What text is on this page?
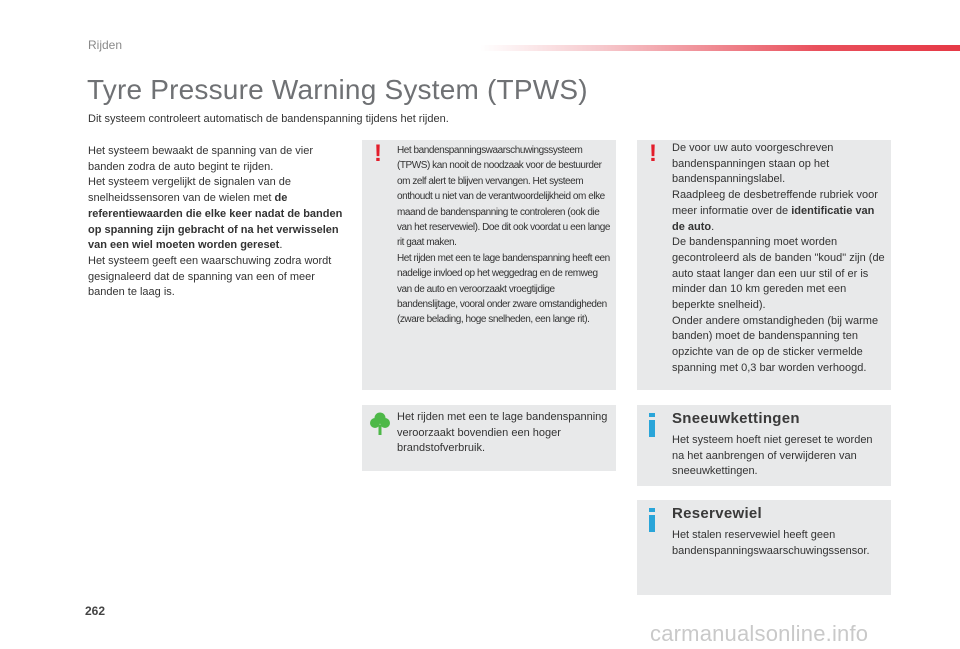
Rijden
Tyre Pressure Warning System (TPWS)
Dit systeem controleert automatisch de bandenspanning tijdens het rijden.

Het systeem bewaakt de spanning van de vier banden zodra de auto begint te rijden.

Het systeem vergelijkt de signalen van de snelheidssensoren van de wielen met de referentiewaarden die elke keer nadat de banden op spanning zijn gebracht of na het verwisselen van een wiel moeten worden gereset.

Het systeem geeft een waarschuwing zodra wordt gesignaleerd dat de spanning van een of meer banden te laag is.

! Het bandenspanningswaarschuwingssysteem (TPWS) kan nooit de noodzaak voor de bestuurder om zelf alert te blijven vervangen. Het systeem onthoudt u niet van de verantwoordelijkheid om elke maand de bandenspanning te controleren (ook die van het reservewiel). Doe dit ook voordat u een lange rit gaat maken.
Het rijden met een te lage bandenspanning heeft een nadelige invloed op het weggedrag en de remweg van de auto en veroorzaakt vroegtijdige bandenslijtage, vooral onder zware omstandigheden (zware belading, hoge snelheden, een lange rit).
! De voor uw auto voorgeschreven bandenspanningen staan op het bandenspanningslabel.
Raadpleeg de desbetreffende rubriek voor meer informatie over de identificatie van de auto.
De bandenspanning moet worden gecontroleerd als de banden "koud" zijn (de auto staat langer dan een uur stil of er is minder dan 10 km gereden met een beperkte snelheid).
Onder andere omstandigheden (bij warme banden) moet de bandenspanning ten opzichte van de op de sticker vermelde spanning met 0,3 bar worden verhoogd.
Het rijden met een te lage bandenspanning veroorzaakt bovendien een hoger brandstofverbruik.
Sneeuwkettingen
Het systeem hoeft niet gereset te worden na het aanbrengen of verwijderen van sneeuwkettingen.
Reservewiel
Het stalen reservewiel heeft geen bandenspanningswaarschuwingssensor.
262
carmanualsonline.info
